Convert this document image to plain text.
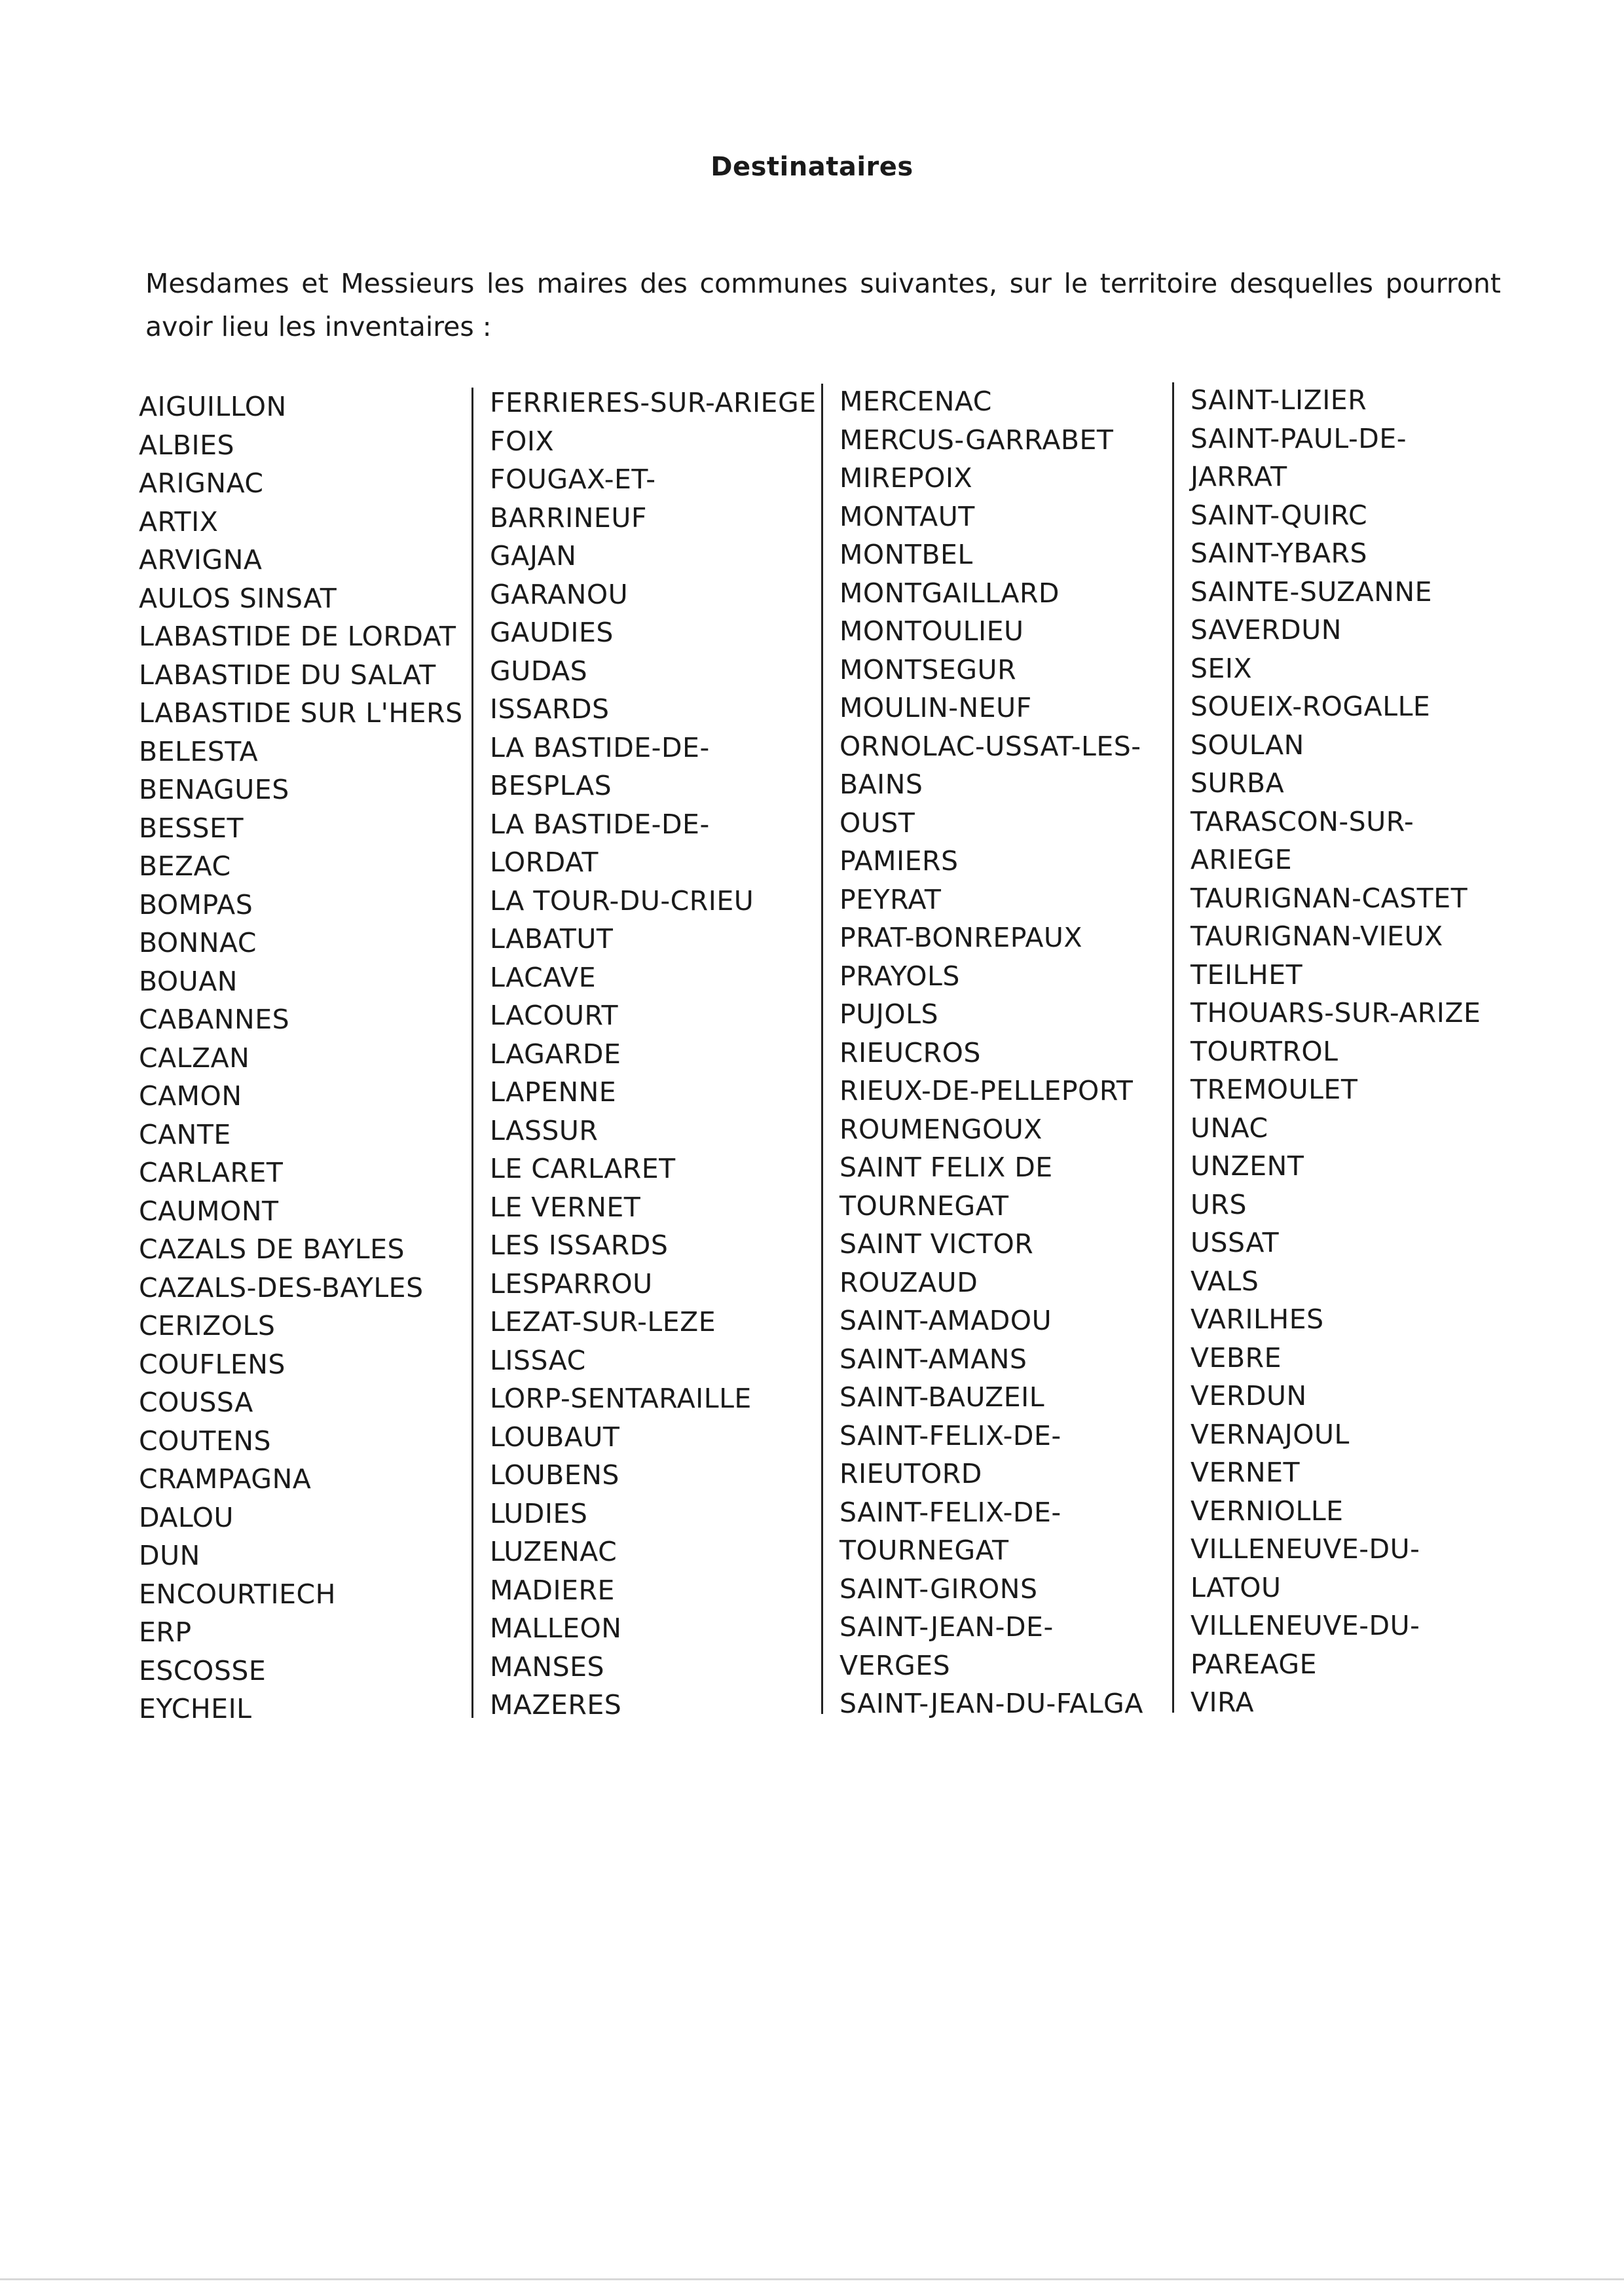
Destinataires
Mesdames et Messieurs les maires des communes suivantes, sur le territoire desquelles pourront avoir lieu les inventaires :
AIGUILLON
ALBIES
ARIGNAC
ARTIX
ARVIGNA
AULOS SINSAT
LABASTIDE DE LORDAT
LABASTIDE DU SALAT
LABASTIDE SUR L'HERS
BELESTA
BENAGUES
BESSET
BEZAC
BOMPAS
BONNAC
BOUAN
CABANNES
CALZAN
CAMON
CANTE
CARLARET
CAUMONT
CAZALS DE BAYLES
CAZALS-DES-BAYLES
CERIZOLS
COUFLENS
COUSSA
COUTENS
CRAMPAGNA
DALOU
DUN
ENCOURTIECH
ERP
ESCOSSE
EYCHEIL
FERRIERES-SUR-ARIEGE
FOIX
FOUGAX-ET-
BARRINEUF
GAJAN
GARANOU
GAUDIES
GUDAS
ISSARDS
LA BASTIDE-DE-
BESPLAS
LA BASTIDE-DE-
LORDAT
LA TOUR-DU-CRIEU
LABATUT
LACAVE
LACOURT
LAGARDE
LAPENNE
LASSUR
LE CARLARET
LE VERNET
LES ISSARDS
LESPARROU
LEZAT-SUR-LEZE
LISSAC
LORP-SENTARAILLE
LOUBAUT
LOUBENS
LUDIES
LUZENAC
MADIERE
MALLEON
MANSES
MAZERES
MERCENAC
MERCUS-GARRABET
MIREPOIX
MONTAUT
MONTBEL
MONTGAILLARD
MONTOULIEU
MONTSEGUR
MOULIN-NEUF
ORNOLAC-USSAT-LES-
BAINS
OUST
PAMIERS
PEYRAT
PRAT-BONREPAUX
PRAYOLS
PUJOLS
RIEUCROS
RIEUX-DE-PELLEPORT
ROUMENGOUX
SAINT FELIX DE
TOURNEGAT
SAINT VICTOR
ROUZAUD
SAINT-AMADOU
SAINT-AMANS
SAINT-BAUZEIL
SAINT-FELIX-DE-
RIEUTORD
SAINT-FELIX-DE-
TOURNEGAT
SAINT-GIRONS
SAINT-JEAN-DE-
VERGES
SAINT-JEAN-DU-FALGA
SAINT-LIZIER
SAINT-PAUL-DE-
JARRAT
SAINT-QUIRC
SAINT-YBARS
SAINTE-SUZANNE
SAVERDUN
SEIX
SOUEIX-ROGALLE
SOULAN
SURBA
TARASCON-SUR-
ARIEGE
TAURIGNAN-CASTET
TAURIGNAN-VIEUX
TEILHET
THOUARS-SUR-ARIZE
TOURTROL
TREMOULET
UNAC
UNZENT
URS
USSAT
VALS
VARILHES
VEBRE
VERDUN
VERNAJOUL
VERNET
VERNIOLLE
VILLENEUVE-DU-
LATOU
VILLENEUVE-DU-
PAREAGE
VIRA
